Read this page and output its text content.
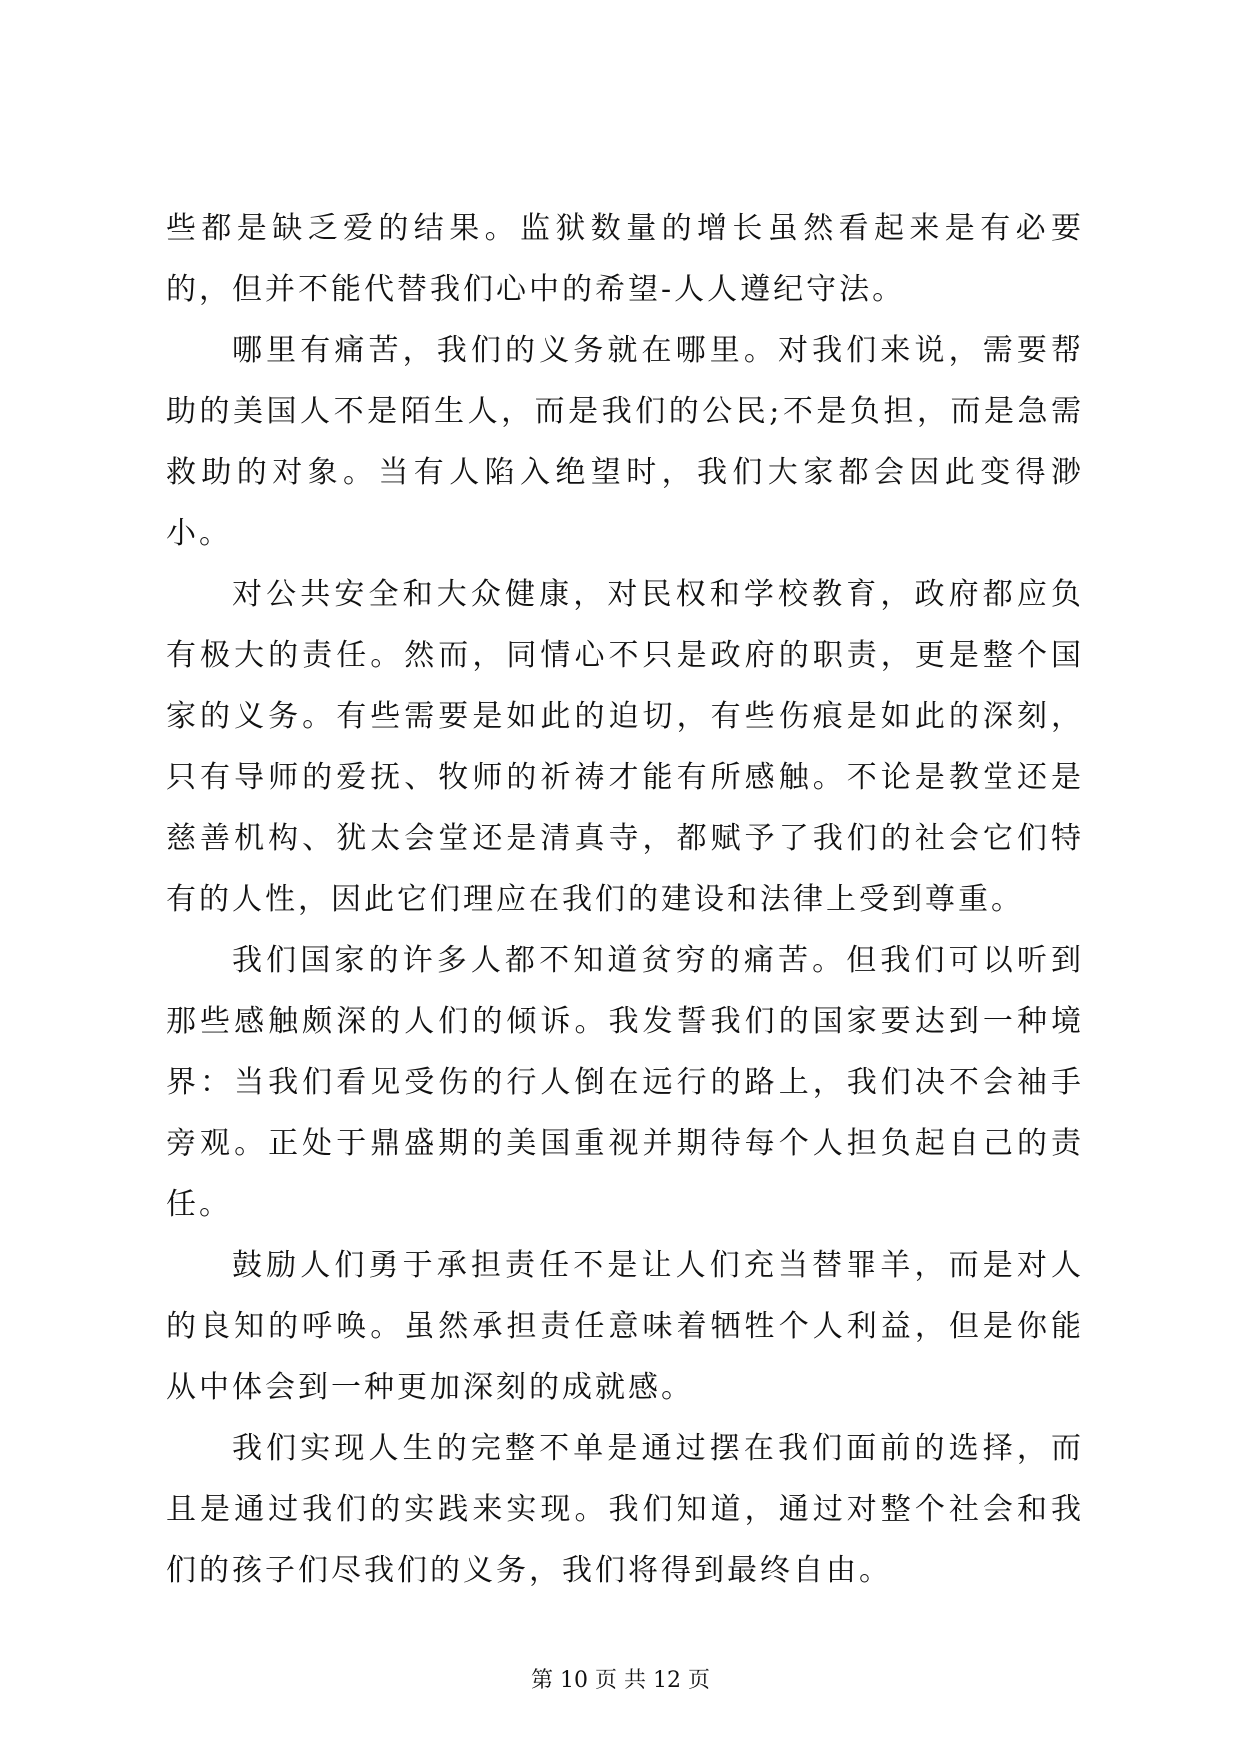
些都是缺乏爱的结果。监狱数量的增长虽然看起来是有必要的，但并不能代替我们心中的希望-人人遵纪守法。

哪里有痛苦，我们的义务就在哪里。对我们来说，需要帮助的美国人不是陌生人，而是我们的公民;不是负担，而是急需救助的对象。当有人陷入绝望时，我们大家都会因此变得渺小。

对公共安全和大众健康，对民权和学校教育，政府都应负有极大的责任。然而，同情心不只是政府的职责，更是整个国家的义务。有些需要是如此的迫切，有些伤痕是如此的深刻，只有导师的爱抚、牧师的祈祷才能有所感触。不论是教堂还是慈善机构、犹太会堂还是清真寺，都赋予了我们的社会它们特有的人性，因此它们理应在我们的建设和法律上受到尊重。

我们国家的许多人都不知道贫穷的痛苦。但我们可以听到那些感触颇深的人们的倾诉。我发誓我们的国家要达到一种境界：当我们看见受伤的行人倒在远行的路上，我们决不会袖手旁观。正处于鼎盛期的美国重视并期待每个人担负起自己的责任。

鼓励人们勇于承担责任不是让人们充当替罪羊，而是对人的良知的呼唤。虽然承担责任意味着牺牲个人利益，但是你能从中体会到一种更加深刻的成就感。

我们实现人生的完整不单是通过摆在我们面前的选择，而且是通过我们的实践来实现。我们知道，通过对整个社会和我们的孩子们尽我们的义务，我们将得到最终自由。

第 10 页 共 12 页
